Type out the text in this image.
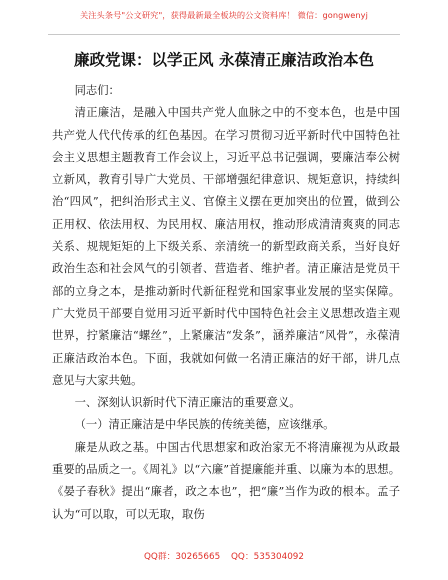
关注头条号"公文研究"，获得最新最全板块的公文资料库！ 微信：gongwenyj
廉政党课：以学正风 永葆清正廉洁政治本色

同志们：

清正廉洁，是融入中国共产党人血脉之中的不变本色，也是中国共产党人代代传承的红色基因。在学习贯彻习近平新时代中国特色社会主义思想主题教育工作会议上，习近平总书记强调，要廉洁奉公树立新风，教育引导广大党员、干部增强纪律意识、规矩意识，持续纠治“四风”，把纠治形式主义、官僚主义摆在更加突出的位置，做到公正用权、依法用权、为民用权、廉洁用权，推动形成清清爽爽的同志关系、规规矩矩的上下级关系、亲清统一的新型政商关系，当好良好政治生态和社会风气的引领者、营造者、维护者。清正廉洁是党员干部的立身之本，是推动新时代新征程党和国家事业发展的坚实保障。广大党员干部要自觉用习近平新时代中国特色社会主义思想改造主观世界，拧紧廉洁“螺丝”，上紧廉洁“发条”，涵养廉洁“风骨”，永葆清正廉洁政治本色。下面，我就如何做一名清正廉洁的好干部，讲几点意见与大家共勉。

一、深刻认识新时代下清正廉洁的重要意义。

（一）清正廉洁是中华民族的传统美德，应该继承。

廉是从政之基。中国古代思想家和政治家无不将清廉视为从政最重要的品质之一。《周礼》以“六廉”首提廉能并重、以廉为本的思想。《晏子春秋》提出“廉者，政之本也”，把“廉”当作为政的根本。孟子认为“可以取，可以无取，取伤

QQ群：30265665 QQ：535304092
